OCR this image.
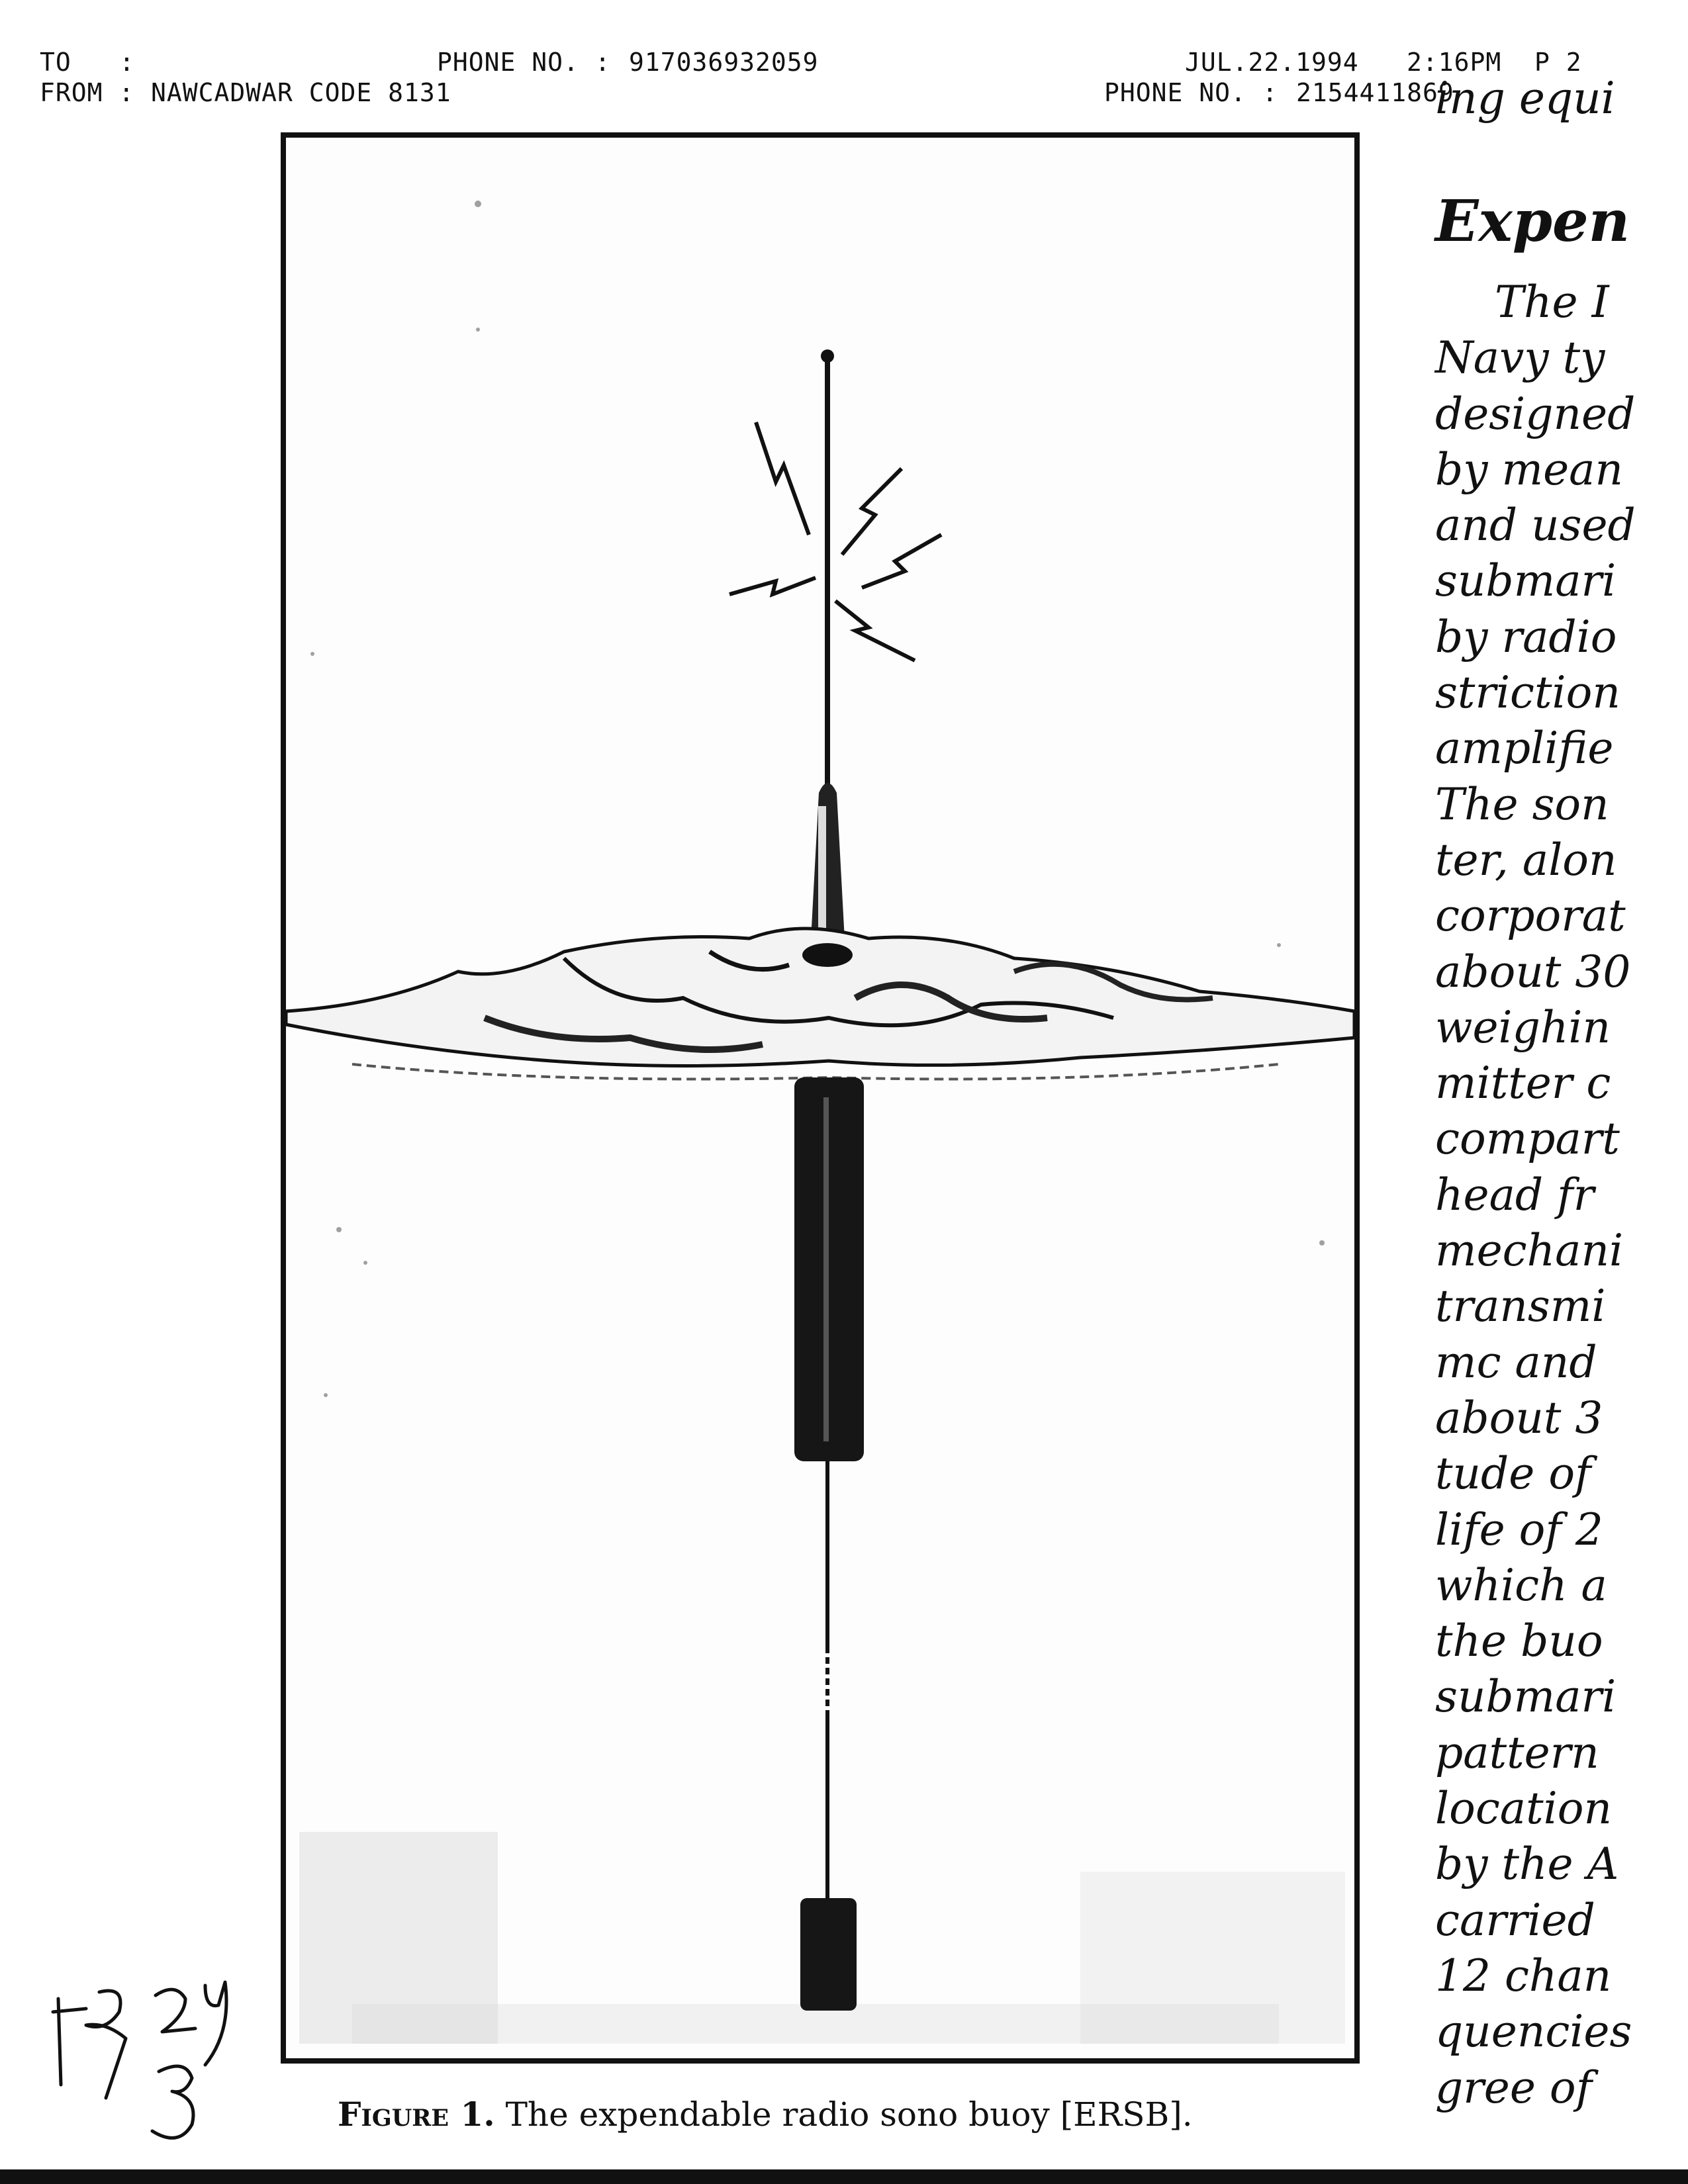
TO :	PHONE NO. : 917036932059	JUL.22.1994 2:16PM P 2
FROM : NAWCADWAR CODE 8131	PHONE NO. : 2154411869
Figure 1. The expendable radio sono buoy [ERSB].
ing equi
Expen
The I
Navy ty
designed
by mean
and used
submari
by radio
striction
amplifie
The son
ter, alon
corporat
about 30
weighin
mitter c
compart
head fr
mechani
transmi
mc and
about 3
tude of
life of 2
which a
the buo
submari
pattern
location
by the A
carried
12 chan
quencies
gree of
